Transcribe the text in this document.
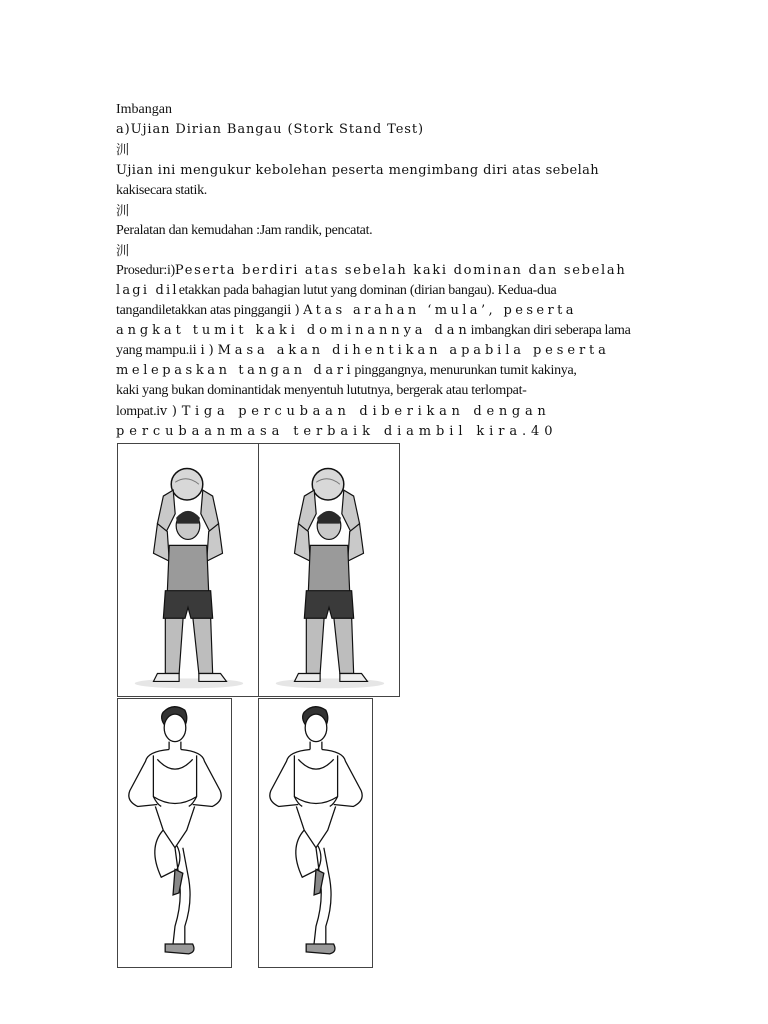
Imbangan
a)Ujian Dirian Bangau (Stork Stand Test)
汌
Ujian ini mengukur kebolehan peserta mengimbang diri atas sebelah
kakisecara statik.
汌
Peralatan dan kemudahan :Jam randik, pencatat.
汌
Prosedur:i)Peserta berdiri atas sebelah kaki dominan dan sebelah
lagi diletakkan pada bahagian lutut yang dominan (dirian bangau). Kedua-dua
tangandiletakkan atas pinggangii)Atas arahan ‘mula’, peserta
angkat tumit kaki dominannya danimbangkan diri seberapa lama
yang mampu.iii)Masa akan dihentikan apabila peserta
melepaskan tangan daripinggangnya, menurunkan tumit kakinya,
kaki yang bukan dominantidak menyentuh lututnya, bergerak atau terlompat-
lompat.iv)Tiga percubaan diberikan dengan
percubaanmasa terbaik diambil kira.40
